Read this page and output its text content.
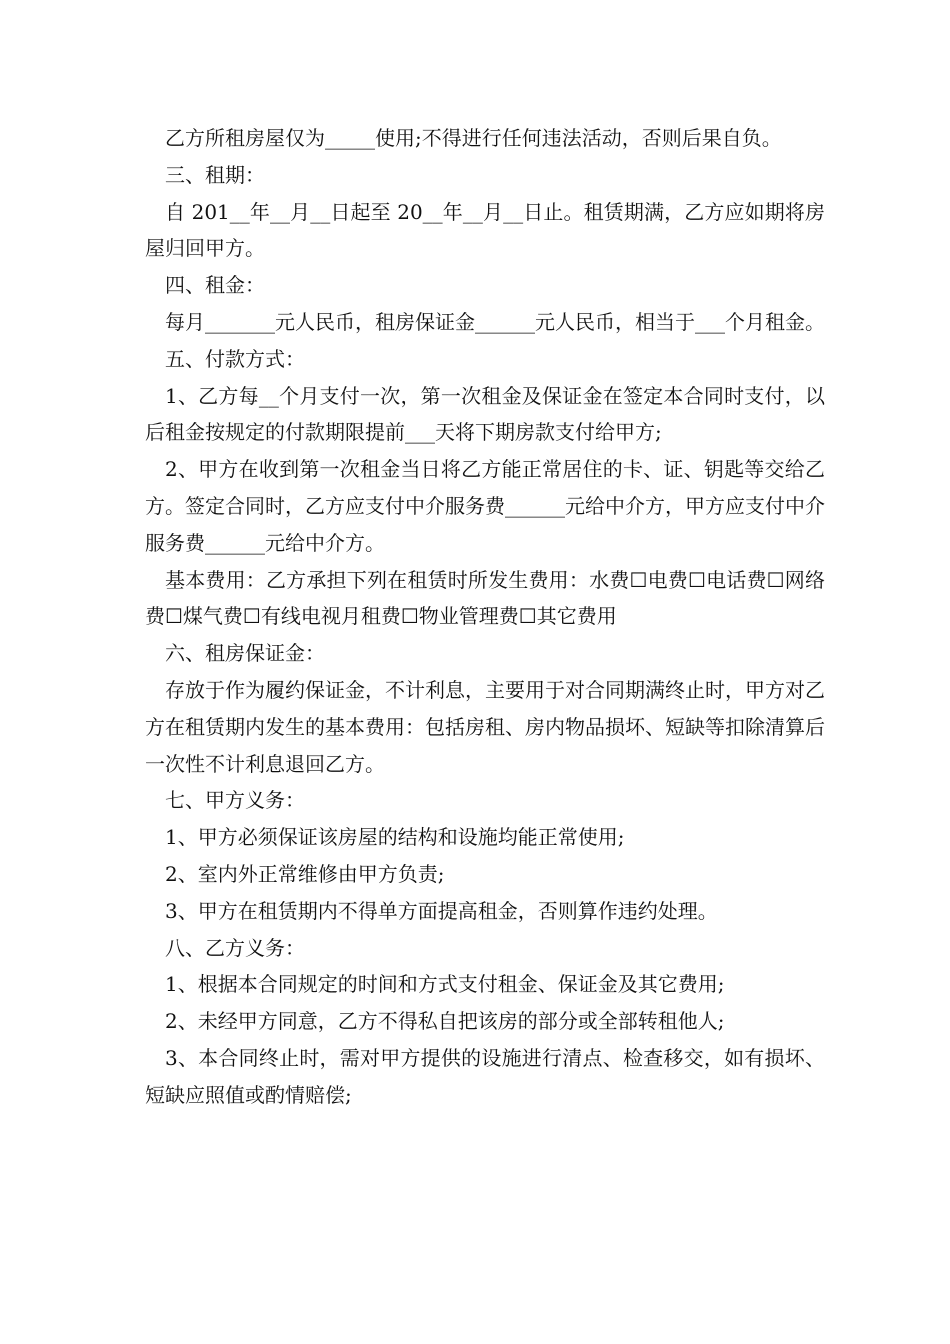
乙方所租房屋仅为_____使用;不得进行任何违法活动，否则后果自负。

三、租期：

自 201__年__月__日起至 20__年__月__日止。租赁期满，乙方应如期将房屋归回甲方。

四、租金：

每月_______元人民币，租房保证金______元人民币，相当于___个月租金。

五、付款方式：

1、乙方每__个月支付一次，第一次租金及保证金在签定本合同时支付，以后租金按规定的付款期限提前___天将下期房款支付给甲方;

2、甲方在收到第一次租金当日将乙方能正常居住的卡、证、钥匙等交给乙方。签定合同时，乙方应支付中介服务费______元给中介方，甲方应支付中介服务费______元给中介方。

基本费用：乙方承担下列在租赁时所发生费用：水费☐电费☐电话费☐网络费☐煤气费☐有线电视月租费☐物业管理费☐其它费用

六、租房保证金：

存放于作为履约保证金，不计利息，主要用于对合同期满终止时，甲方对乙方在租赁期内发生的基本费用：包括房租、房内物品损坏、短缺等扣除清算后一次性不计利息退回乙方。

七、甲方义务：

1、甲方必须保证该房屋的结构和设施均能正常使用;

2、室内外正常维修由甲方负责;

3、甲方在租赁期内不得单方面提高租金，否则算作违约处理。

八、乙方义务：

1、根据本合同规定的时间和方式支付租金、保证金及其它费用;

2、未经甲方同意，乙方不得私自把该房的部分或全部转租他人;

3、本合同终止时，需对甲方提供的设施进行清点、检查移交，如有损坏、短缺应照值或酌情赔偿;
